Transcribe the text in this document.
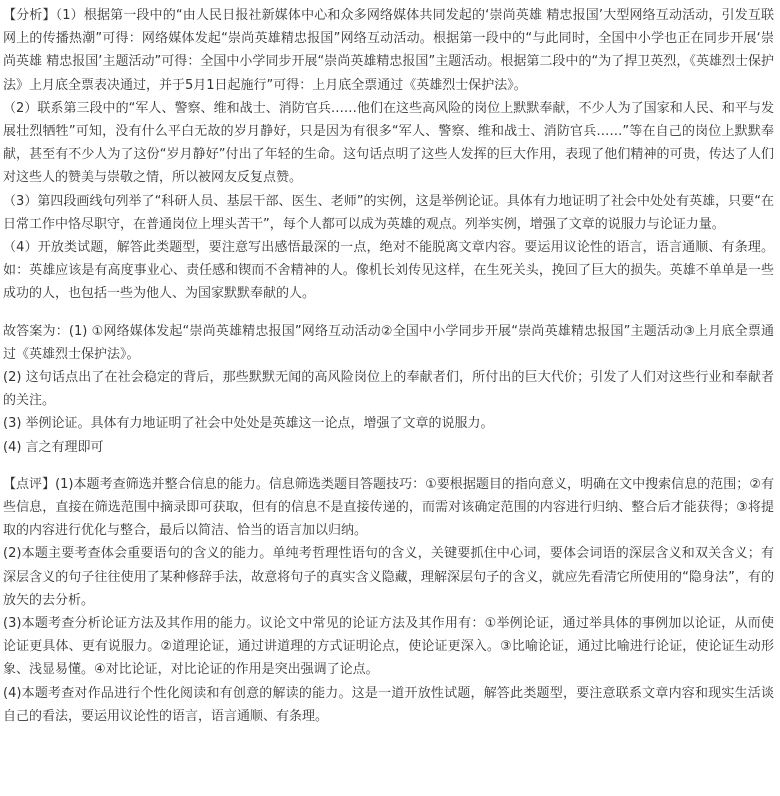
【分析】（1）根据第一段中的“由人民日报社新媒体中心和众多网络媒体共同发起的‘崇尚英雄 精忠报国’大型网络互动活动，引发互联网上的传播热潮”可得：网络媒体发起“崇尚英雄精忠报国”网络互动活动。根据第一段中的“与此同时，全国中小学也正在同步开展‘崇尚英雄 精忠报国’主题活动”可得：全国中小学同步开展“崇尚英雄精忠报国”主题活动。根据第二段中的“为了捍卫英烈，《英雄烈士保护法》上月底全票表决通过，并于5月1日起施行”可得：上月底全票通过《英雄烈士保护法》。

（2）联系第三段中的“军人、警察、维和战士、消防官兵……他们在这些高风险的岗位上默默奉献，不少人为了国家和人民、和平与发展壮烈牺牲”可知，没有什么平白无故的岁月静好，只是因为有很多“军人、警察、维和战士、消防官兵……”等在自己的岗位上默默奉献，甚至有不少人为了这份“岁月静好”付出了年轻的生命。这句话点明了这些人发挥的巨大作用，表现了他们精神的可贵，传达了人们对这些人的赞美与崇敬之情，所以被网友反复点赞。

（3）第四段画线句列举了“科研人员、基层干部、医生、老师”的实例，这是举例论证。具体有力地证明了社会中处处有英雄，只要“在日常工作中恪尽职守，在普通岗位上埋头苦干”，每个人都可以成为英雄的观点。列举实例，增强了文章的说服力与论证力量。

（4）开放类试题，解答此类题型，要注意写出感悟最深的一点，绝对不能脱离文章内容。要运用议论性的语言，语言通顺、有条理。如：英雄应该是有高度事业心、责任感和锲而不舍精神的人。像机长刘传见这样，在生死关头，挽回了巨大的损失。英雄不单单是一些成功的人，也包括一些为他人、为国家默默奉献的人。

故答案为：(1) ①网络媒体发起“崇尚英雄精忠报国”网络互动活动②全国中小学同步开展“崇尚英雄精忠报国”主题活动③上月底全票通过《英雄烈士保护法》。

(2) 这句话点出了在社会稳定的背后，那些默默无闻的高风险岗位上的奉献者们，所付出的巨大代价；引发了人们对这些行业和奉献者的关注。

(3) 举例论证。具体有力地证明了社会中处处是英雄这一论点，增强了文章的说服力。

(4) 言之有理即可

【点评】(1)本题考查筛选并整合信息的能力。信息筛选类题目答题技巧：①要根据题目的指向意义，明确在文中搜索信息的范围；②有些信息，直接在筛选范围中摘录即可获取，但有的信息不是直接传递的，而需对该确定范围的内容进行归纳、整合后才能获得；③将提取的内容进行优化与整合，最后以简洁、恰当的语言加以归纳。

(2)本题主要考查体会重要语句的含义的能力。单纯考哲理性语句的含义，关键要抓住中心词，要体会词语的深层含义和双关含义；有深层含义的句子往往使用了某种修辞手法，故意将句子的真实含义隐藏，理解深层句子的含义，就应先看清它所使用的“隐身法”，有的放矢的去分析。

(3)本题考查分析论证方法及其作用的能力。议论文中常见的论证方法及其作用有：①举例论证，通过举具体的事例加以论证，从而使论证更具体、更有说服力。②道理论证，通过讲道理的方式证明论点，使论证更深入。③比喻论证，通过比喻进行论证，使论证生动形象、浅显易懂。④对比论证，对比论证的作用是突出强调了论点。

(4)本题考查对作品进行个性化阅读和有创意的解读的能力。这是一道开放性试题，解答此类题型，要注意联系文章内容和现实生活谈自己的看法，要运用议论性的语言，语言通顺、有条理。
